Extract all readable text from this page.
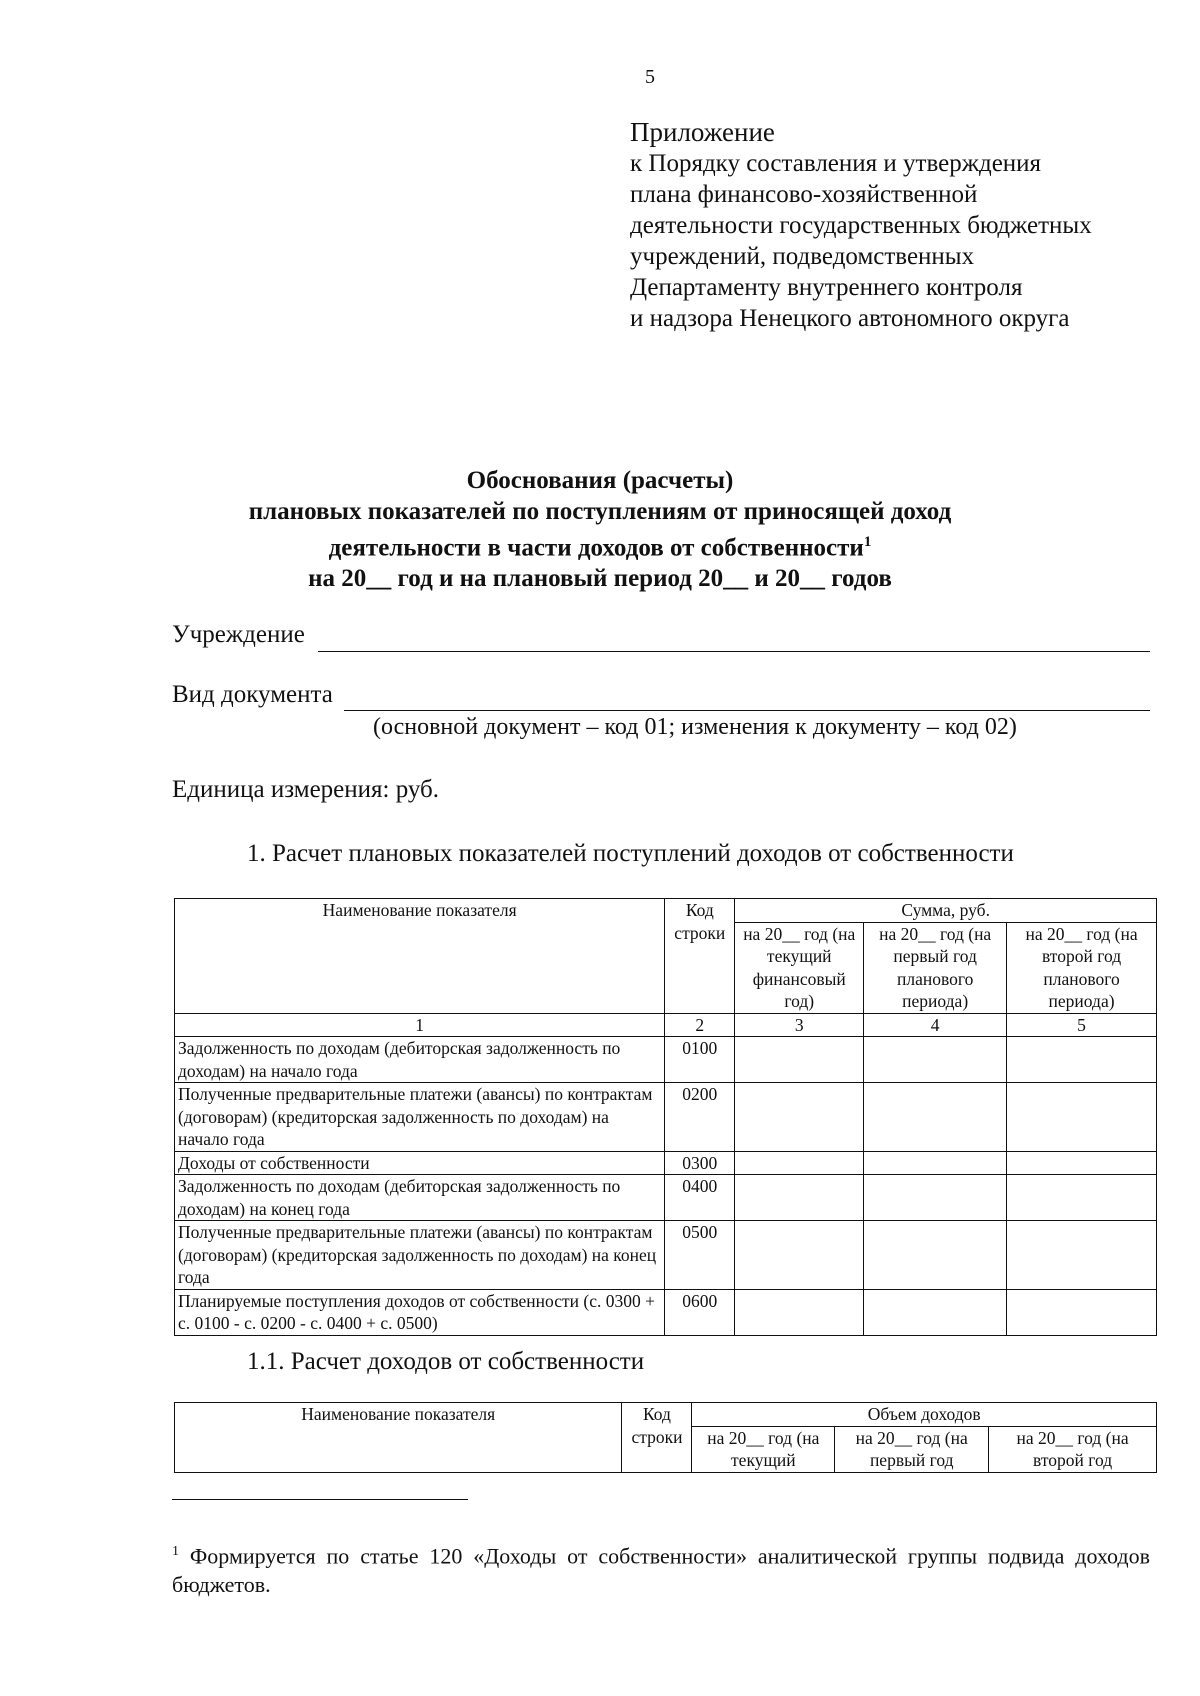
5
Приложение
к Порядку составления и утверждения
плана финансово-хозяйственной
деятельности государственных бюджетных
учреждений, подведомственных
Департаменту внутреннего контроля
и надзора Ненецкого автономного округа
Обоснования (расчеты)
плановых показателей по поступлениям от приносящей доход
деятельности в части доходов от собственности$^1$
на 20__ год и на плановый период 20__ и 20__ годов
Учреждение
Вид документа
(основной документ – код 01; изменения к документу – код 02)
Единица измерения: руб.
1. Расчет плановых показателей поступлений доходов от собственности
Наименование показателя	Код строки	Сумма, руб.		
		на 20__ год (на текущий финансовый год)	на 20__ год (на первый год планового периода)	на 20__ год (на второй год планового периода)
1	2	3	4	5
Задолженность по доходам (дебиторская задолженность по доходам) на начало года	0100			
Полученные предварительные платежи (авансы) по контрактам (договорам) (кредиторская задолженность по доходам) на начало года	0200			
Доходы от собственности	0300			
Задолженность по доходам (дебиторская задолженность по доходам) на конец года	0400			
Полученные предварительные платежи (авансы) по контрактам (договорам) (кредиторская задолженность по доходам) на конец года	0500			
Планируемые поступления доходов от собственности (с. 0300 + с. 0100 - с. 0200 - с. 0400 + с. 0500)	0600			
1.1. Расчет доходов от собственности
Наименование показателя	Код строки	Объем доходов		
		на 20__ год (на текущий	на 20__ год (на первый год	на 20__ год (на второй год
$^1$ Формируется по статье 120 «Доходы от собственности» аналитической группы подвида доходов бюджетов.
